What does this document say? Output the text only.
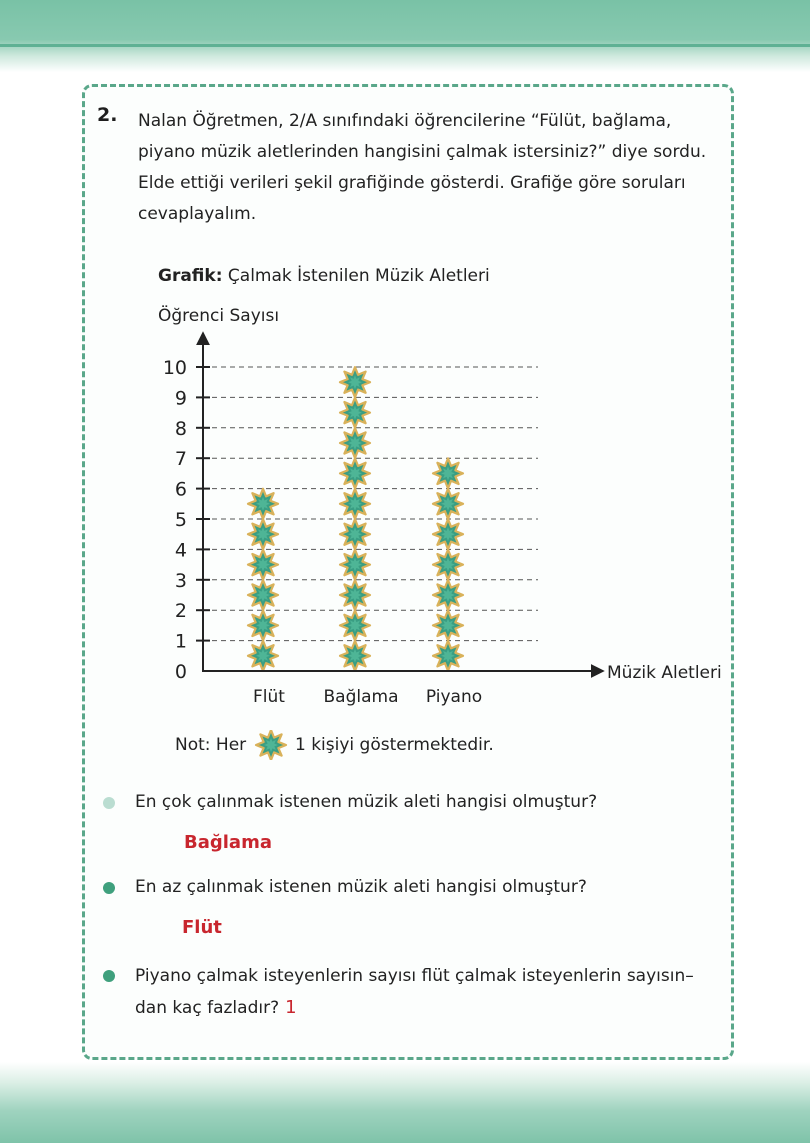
2. Nalan Öğretmen, 2/A sınıfındaki öğrencilerine “Fülüt, bağlama,
piyano müzik aletlerinden hangisini çalmak istersiniz?” diye sordu.
Elde ettiği verileri şekil grafiğinde gösterdi. Grafiğe göre soruları
cevaplayalım.
Grafik: Çalmak İstenilen Müzik Aletleri
Öğrenci Sayısı
0
1
2
3
4
5
6
7
8
9
10
Flüt Bağlama Piyano
Müzik Aletleri
Not: Her	1 kişiyi göstermektedir.
En çok çalınmak istenen müzik aleti hangisi olmuştur?
Bağlama
En az çalınmak istenen müzik aleti hangisi olmuştur?
Flüt
Piyano çalmak isteyenlerin sayısı flüt çalmak isteyenlerin sayısın–
dan kaç fazladır? 1
